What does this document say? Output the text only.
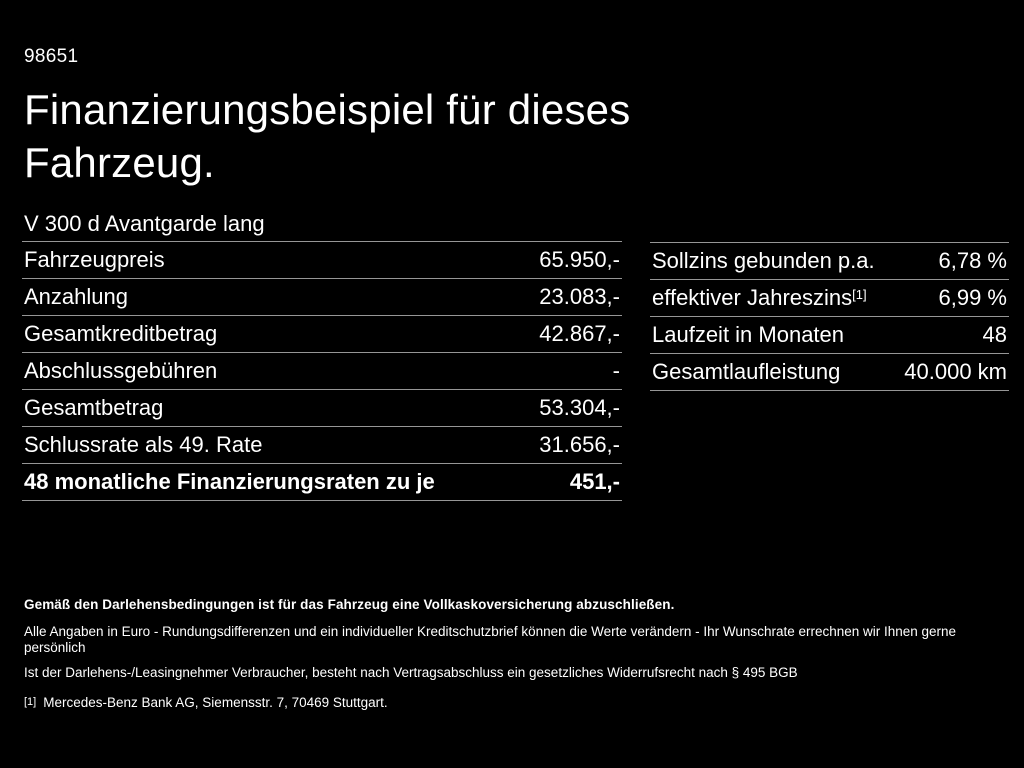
98651
Finanzierungsbeispiel für dieses Fahrzeug.
V 300 d Avantgarde lang
Fahrzeugpreis	65.950,-
Anzahlung	23.083,-
Gesamtkreditbetrag	42.867,-
Abschlussgebühren	-
Gesamtbetrag	53.304,-
Schlussrate als 49. Rate	31.656,-
48 monatliche Finanzierungsraten zu je	451,-
Sollzins gebunden p.a.	6,78 %
effektiver Jahreszins[1]	6,99 %
Laufzeit in Monaten	48
Gesamtlaufleistung	40.000 km
Gemäß den Darlehensbedingungen ist für das Fahrzeug eine Vollkaskoversicherung abzuschließen.
Alle Angaben in Euro - Rundungsdifferenzen und ein individueller Kreditschutzbrief können die Werte verändern - Ihr Wunschrate errechnen wir Ihnen gerne persönlich
Ist der Darlehens-/Leasingnehmer Verbraucher, besteht nach Vertragsabschluss ein gesetzliches Widerrufsrecht nach § 495 BGB
[1] Mercedes-Benz Bank AG, Siemensstr. 7, 70469 Stuttgart.
